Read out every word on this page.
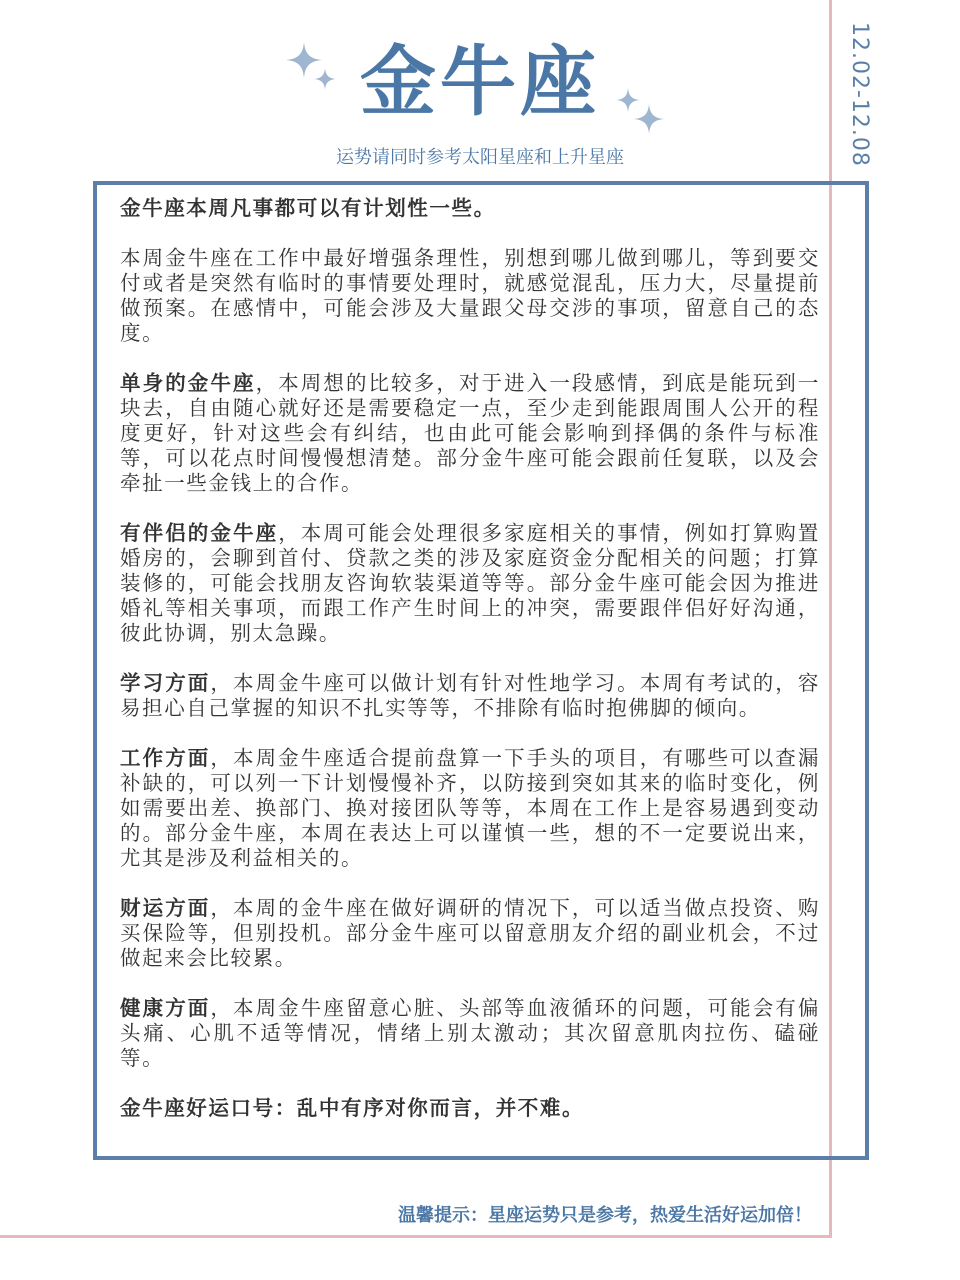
12.02-12.08
金牛座
运势请同时参考太阳星座和上升星座

金牛座本周凡事都可以有计划性一些。

本周金牛座在工作中最好增强条理性，别想到哪儿做到哪儿，等到要交付或者是突然有临时的事情要处理时，就感觉混乱，压力大，尽量提前做预案。在感情中，可能会涉及大量跟父母交涉的事项，留意自己的态度。

单身的金牛座，本周想的比较多，对于进入一段感情，到底是能玩到一块去，自由随心就好还是需要稳定一点，至少走到能跟周围人公开的程度更好，针对这些会有纠结，也由此可能会影响到择偶的条件与标准等，可以花点时间慢慢想清楚。部分金牛座可能会跟前任复联，以及会牵扯一些金钱上的合作。

有伴侣的金牛座，本周可能会处理很多家庭相关的事情，例如打算购置婚房的，会聊到首付、贷款之类的涉及家庭资金分配相关的问题；打算装修的，可能会找朋友咨询软装渠道等等。部分金牛座可能会因为推进婚礼等相关事项，而跟工作产生时间上的冲突，需要跟伴侣好好沟通，彼此协调，别太急躁。

学习方面，本周金牛座可以做计划有针对性地学习。本周有考试的，容易担心自己掌握的知识不扎实等等，不排除有临时抱佛脚的倾向。

工作方面，本周金牛座适合提前盘算一下手头的项目，有哪些可以查漏补缺的，可以列一下计划慢慢补齐，以防接到突如其来的临时变化，例如需要出差、换部门、换对接团队等等，本周在工作上是容易遇到变动的。部分金牛座，本周在表达上可以谨慎一些，想的不一定要说出来，尤其是涉及利益相关的。

财运方面，本周的金牛座在做好调研的情况下，可以适当做点投资、购买保险等，但别投机。部分金牛座可以留意朋友介绍的副业机会，不过做起来会比较累。

健康方面，本周金牛座留意心脏、头部等血液循环的问题，可能会有偏头痛、心肌不适等情况，情绪上别太激动；其次留意肌肉拉伤、磕碰等。

金牛座好运口号：乱中有序对你而言，并不难。

温馨提示：星座运势只是参考，热爱生活好运加倍！
